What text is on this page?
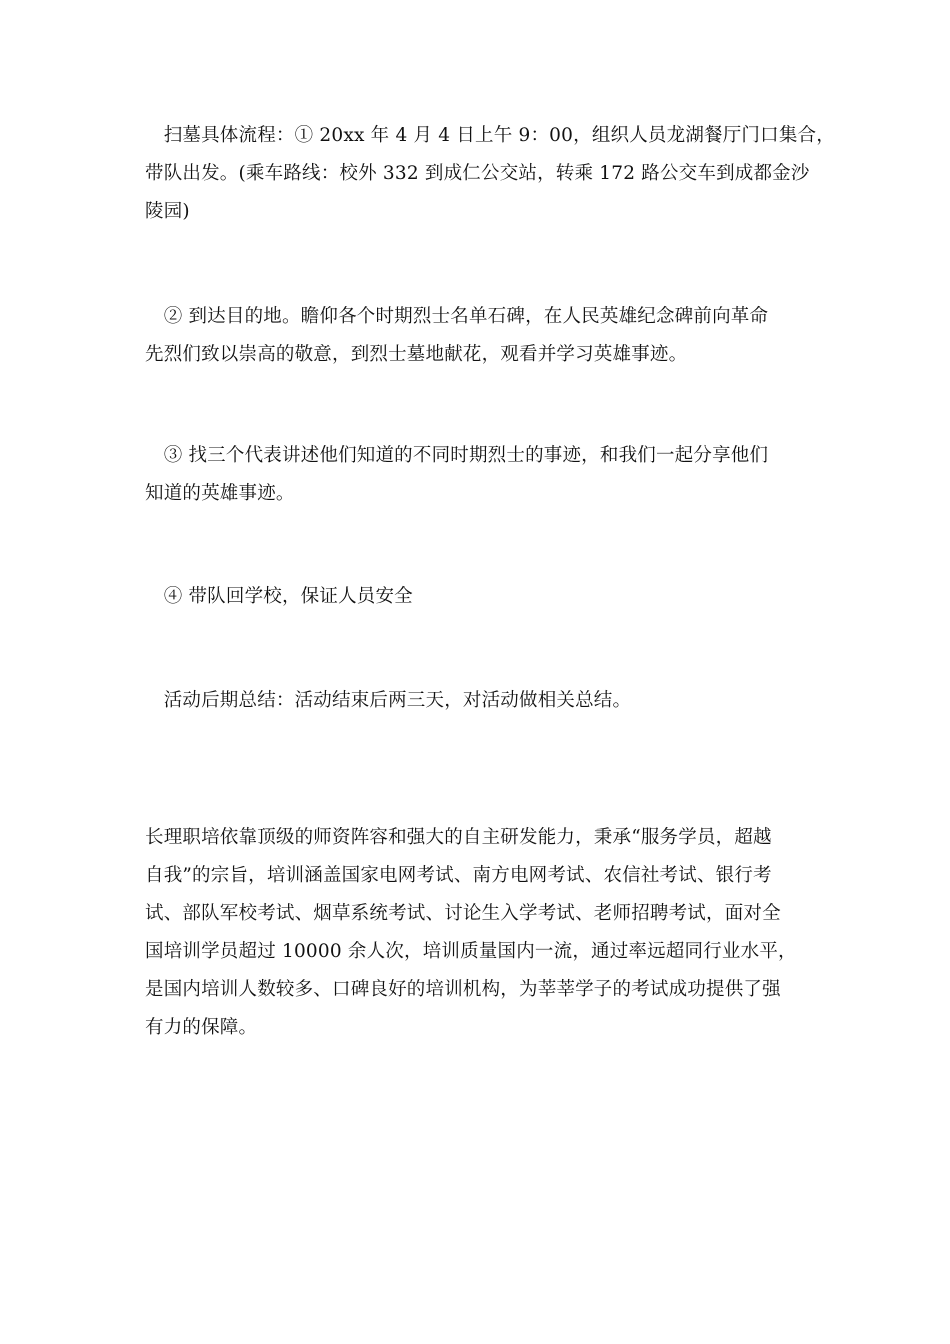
　扫墓具体流程：① 20xx 年 4 月 4 日上午 9：00，组织人员龙湖餐厅门口集合，
带队出发。(乘车路线：校外 332 到成仁公交站，转乘 172 路公交车到成都金沙
陵园)
　② 到达目的地。瞻仰各个时期烈士名单石碑，在人民英雄纪念碑前向革命
先烈们致以崇高的敬意，到烈士墓地献花，观看并学习英雄事迹。
　③ 找三个代表讲述他们知道的不同时期烈士的事迹，和我们一起分享他们
知道的英雄事迹。
　④ 带队回学校，保证人员安全
　活动后期总结：活动结束后两三天，对活动做相关总结。
长理职培依靠顶级的师资阵容和强大的自主研发能力，秉承“服务学员，超越
自我”的宗旨，培训涵盖国家电网考试、南方电网考试、农信社考试、银行考
试、部队军校考试、烟草系统考试、讨论生入学考试、老师招聘考试，面对全
国培训学员超过 10000 余人次，培训质量国内一流，通过率远超同行业水平，
是国内培训人数较多、口碑良好的培训机构，为莘莘学子的考试成功提供了强
有力的保障。
